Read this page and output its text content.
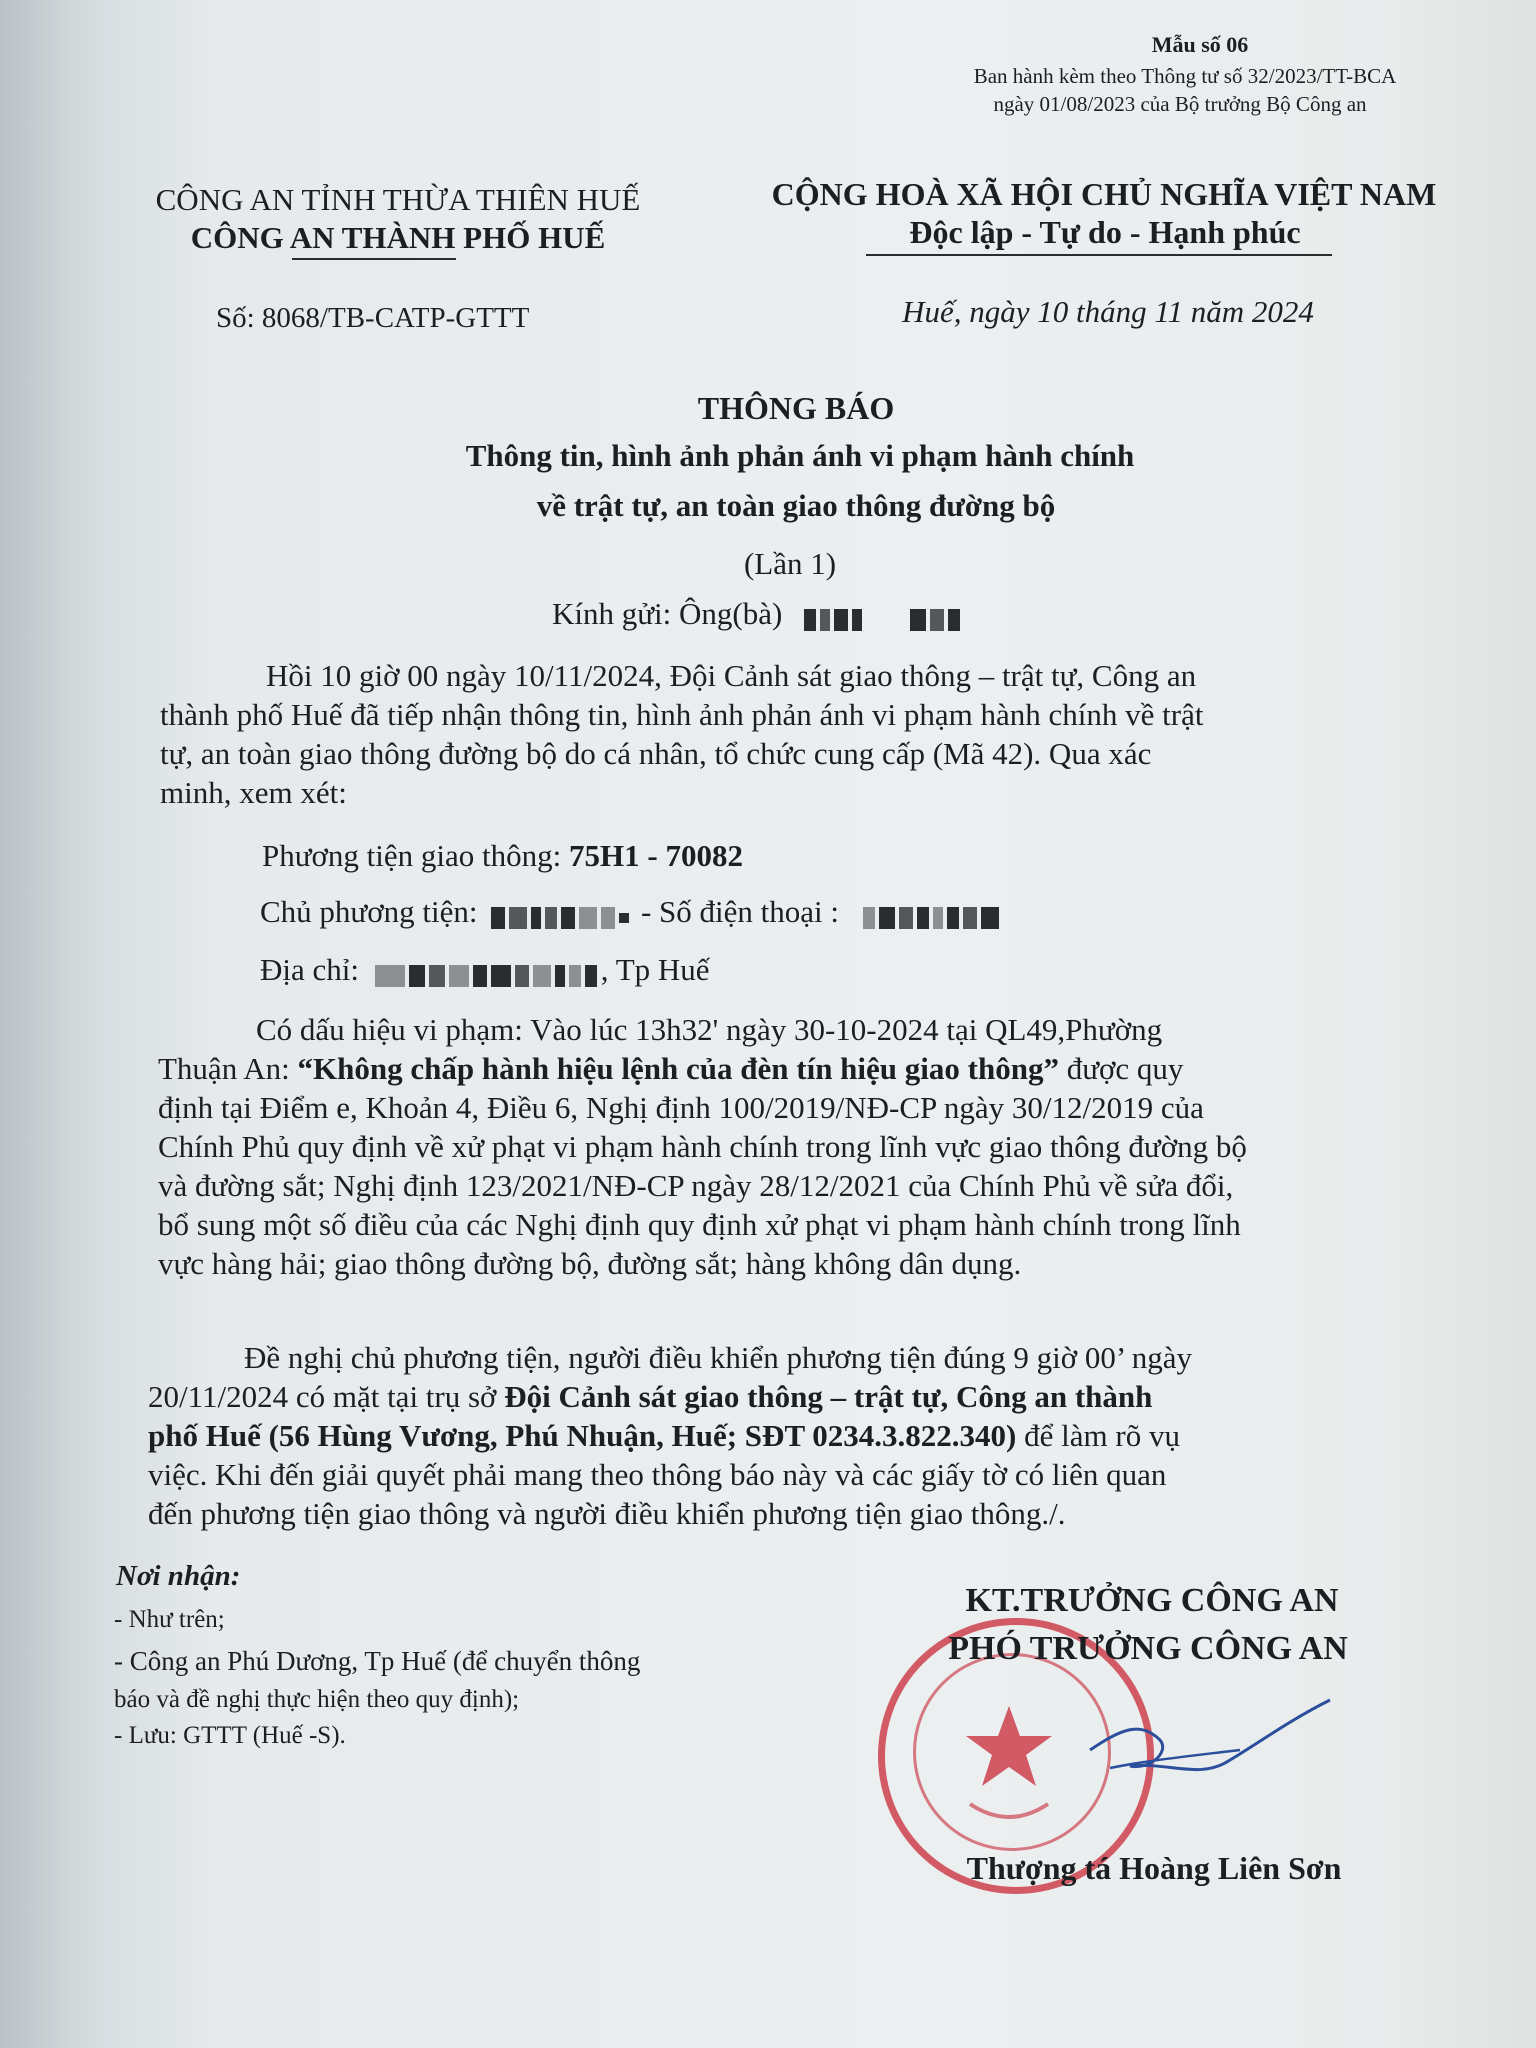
Mẫu số 06
Ban hành kèm theo Thông tư số 32/2023/TT-BCA
ngày 01/08/2023 của Bộ trưởng Bộ Công an
CÔNG AN TỈNH THỪA THIÊN HUẾ
CÔNG AN THÀNH PHỐ HUẾ
Số: 8068/TB-CATP-GTTT
CỘNG HOÀ XÃ HỘI CHỦ NGHĨA VIỆT NAM
Độc lập - Tự do - Hạnh phúc
Huế, ngày 10 tháng 11 năm 2024
THÔNG BÁO
Thông tin, hình ảnh phản ánh vi phạm hành chính
về trật tự, an toàn giao thông đường bộ
(Lần 1)
Kính gửi: Ông(bà)
Hồi 10 giờ 00 ngày 10/11/2024, Đội Cảnh sát giao thông – trật tự, Công an
thành phố Huế đã tiếp nhận thông tin, hình ảnh phản ánh vi phạm hành chính về trật
tự, an toàn giao thông đường bộ do cá nhân, tổ chức cung cấp (Mã 42). Qua xác
minh, xem xét:
Phương tiện giao thông: 75H1 - 70082
Chủ phương tiện:	- Số điện thoại :
Địa chỉ:	, Tp Huế
Có dấu hiệu vi phạm: Vào lúc 13h32' ngày 30-10-2024 tại QL49,Phường
Thuận An: “Không chấp hành hiệu lệnh của đèn tín hiệu giao thông” được quy
định tại Điểm e, Khoản 4, Điều 6, Nghị định 100/2019/NĐ-CP ngày 30/12/2019 của
Chính Phủ quy định về xử phạt vi phạm hành chính trong lĩnh vực giao thông đường bộ
và đường sắt; Nghị định 123/2021/NĐ-CP ngày 28/12/2021 của Chính Phủ về sửa đổi,
bổ sung một số điều của các Nghị định quy định xử phạt vi phạm hành chính trong lĩnh
vực hàng hải; giao thông đường bộ, đường sắt; hàng không dân dụng.
Đề nghị chủ phương tiện, người điều khiển phương tiện đúng 9 giờ 00’ ngày
20/11/2024 có mặt tại trụ sở Đội Cảnh sát giao thông – trật tự, Công an thành
phố Huế (56 Hùng Vương, Phú Nhuận, Huế; SĐT 0234.3.822.340) để làm rõ vụ
việc. Khi đến giải quyết phải mang theo thông báo này và các giấy tờ có liên quan
đến phương tiện giao thông và người điều khiển phương tiện giao thông./.
Nơi nhận:
- Như trên;
- Công an Phú Dương, Tp Huế (để chuyển thông
báo và đề nghị thực hiện theo quy định);
- Lưu: GTTT (Huế -S).
KT.TRƯỞNG CÔNG AN
PHÓ TRƯỞNG CÔNG AN
Thượng tá Hoàng Liên Sơn
